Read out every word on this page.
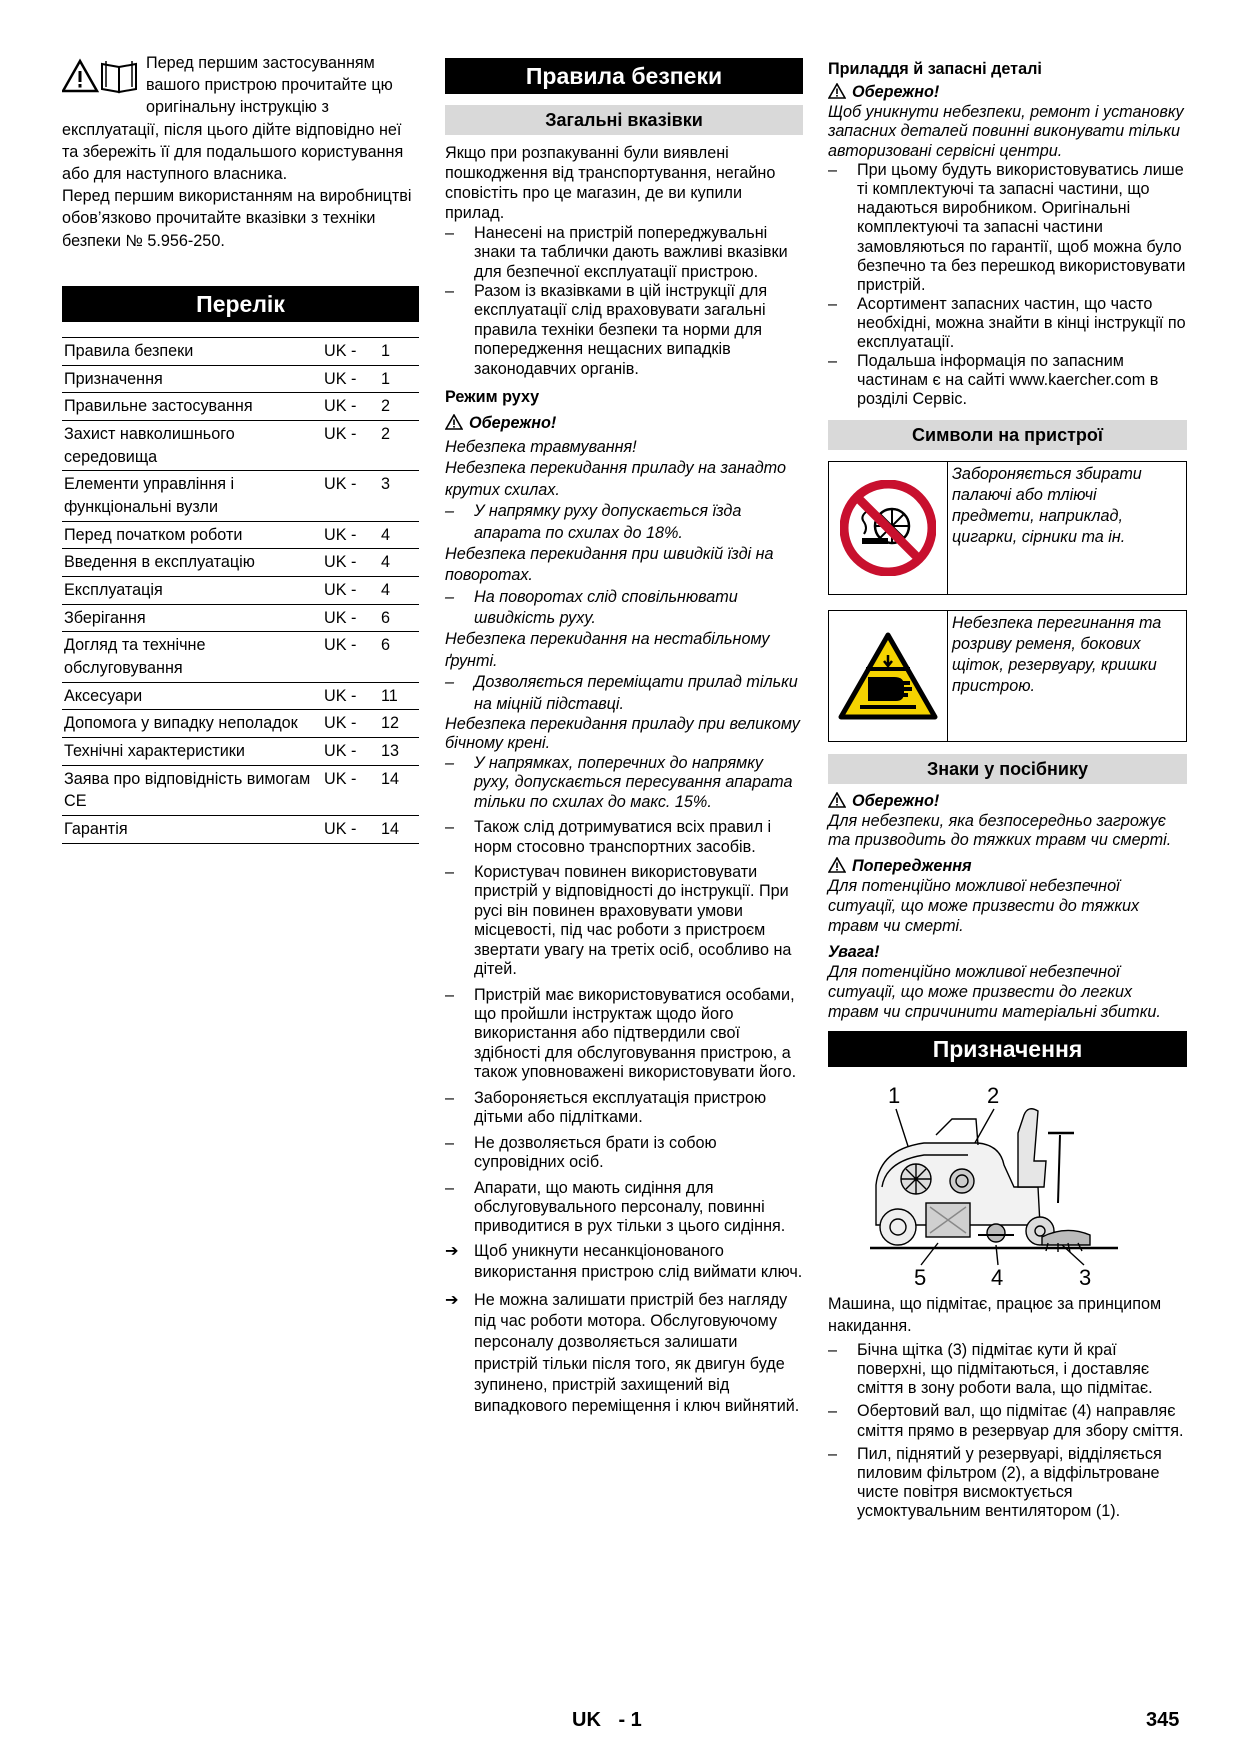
Перед першим застосуванням вашого пристрою прочитайте цю оригінальну інструкцію з експлуатації, після цього дійте відповідно неї та збережіть її для подальшого користування або для наступного власника.

Перед першим використанням на виробництві обов’язково прочитайте вказівки з техніки безпеки № 5.956-250.

Перелік
Правила безпеки	UK -	1
Призначення	UK -	1
Правильне застосування	UK -	2
Захист навколишнього середовища	UK -	2
Елементи управління і функціональні вузли	UK -	3
Перед початком роботи	UK -	4
Введення в експлуатацію	UK -	4
Експлуатація	UK -	4
Зберігання	UK -	6
Догляд та технічне обслуговування	UK -	6
Аксесуари	UK -	11
Допомога у випадку неполадок	UK -	12
Технічні характеристики	UK -	13
Заява про відповідність вимогам CE	UK -	14
Гарантія	UK -	14
Правила безпеки
Загальні вказівки

Якщо при розпакуванні були виявлені пошкодження від транспортування, негайно сповістіть про це магазин, де ви купили прилад.

– Нанесені на пристрій попереджувальні знаки та таблички дають важливі вказівки для безпечної експлуатації пристрою.

– Разом із вказівками в цій інструкції для експлуатації слід враховувати загальні правила техніки безпеки та норми для попередження нещасних випадків законодавчих органів.

Режим руху

Обережно!

Небезпека травмування!

Небезпека перекидання приладу на занадто крутих схилах.

– У напрямку руху допускається їзда апарата по схилах до 18%.

Небезпека перекидання при швидкій їзді на поворотах.

– На поворотах слід сповільнювати швидкість руху.

Небезпека перекидання на нестабільному ґрунті.

– Дозволяється переміщати прилад тільки на міцній підставці.

Небезпека перекидання приладу при великому бічному крені.

– У напрямках, поперечних до напрямку руху, допускається пересування апарата тільки по схилах до макс. 15%.

– Також слід дотримуватися всіх правил і норм стосовно транспортних засобів.

– Користувач повинен використовувати пристрій у відповідності до інструкції. При русі він повинен враховувати умови місцевості, під час роботи з пристроєм звертати увагу на третіх осіб, особливо на дітей.

– Пристрій має використовуватися особами, що пройшли інструктаж щодо його використання або підтвердили свої здібності для обслуговування пристрою, а також уповноважені використовувати його.

– Забороняється експлуатація пристрою дітьми або підлітками.

– Не дозволяється брати із собою супровідних осіб.

– Апарати, що мають сидіння для обслуговувального персоналу, повинні приводитися в рух тільки з цього сидіння.

➔ Щоб уникнути несанкціонованого використання пристрою слід виймати ключ.

➔ Не можна залишати пристрій без нагляду під час роботи мотора. Обслуговуючому персоналу дозволяється залишати пристрій тільки після того, як двигун буде зупинено, пристрій захищений від випадкового переміщення і ключ вийнятий.

Приладдя й запасні деталі

Обережно!

Щоб уникнути небезпеки, ремонт і установку запасних деталей повинні виконувати тільки авторизовані сервісні центри.

– При цьому будуть використовуватись лише ті комплектуючі та запасні частини, що надаються виробником. Оригінальні комплектуючі та запасні частини замовляються по гарантії, щоб можна було безпечно та без перешкод використовувати пристрій.

– Асортимент запасних частин, що часто необхідні, можна знайти в кінці інструкції по експлуатації.

– Подальша інформація по запасним частинам є на сайті www.kaercher.com в розділі Сервіс.

Символи на пристрої
Забороняється збирати палаючі або тліючі предмети, наприклад, цигарки, сірники та ін.
Небезпека перегинання та розриву ременя, бокових щіток, резервуару, кришки пристрою.
Знаки у посібнику

Обережно!

Для небезпеки, яка безпосередньо загрожує та призводить до тяжких травм чи смерті.

Попередження

Для потенційно можливої небезпечної ситуації, що може призвести до тяжких травм чи смерті.

Увага!

Для потенційно можливої небезпечної ситуації, що може призвести до легких травм чи спричинити матеріальні збитки.

Призначення
1	2
5	4	3

Машина, що підмітає, працює за принципом накидання.

– Бічна щітка (3) підмітає кути й краї поверхні, що підмітаються, і доставляє сміття в зону роботи вала, що підмітає.

– Обертовий вал, що підмітає (4) направляє сміття прямо в резервуар для збору сміття.

– Пил, піднятий у резервуарі, відділяється пиловим фільтром (2), а відфільтроване чисте повітря висмоктується усмоктувальним вентилятором (1).

UK - 1	345
